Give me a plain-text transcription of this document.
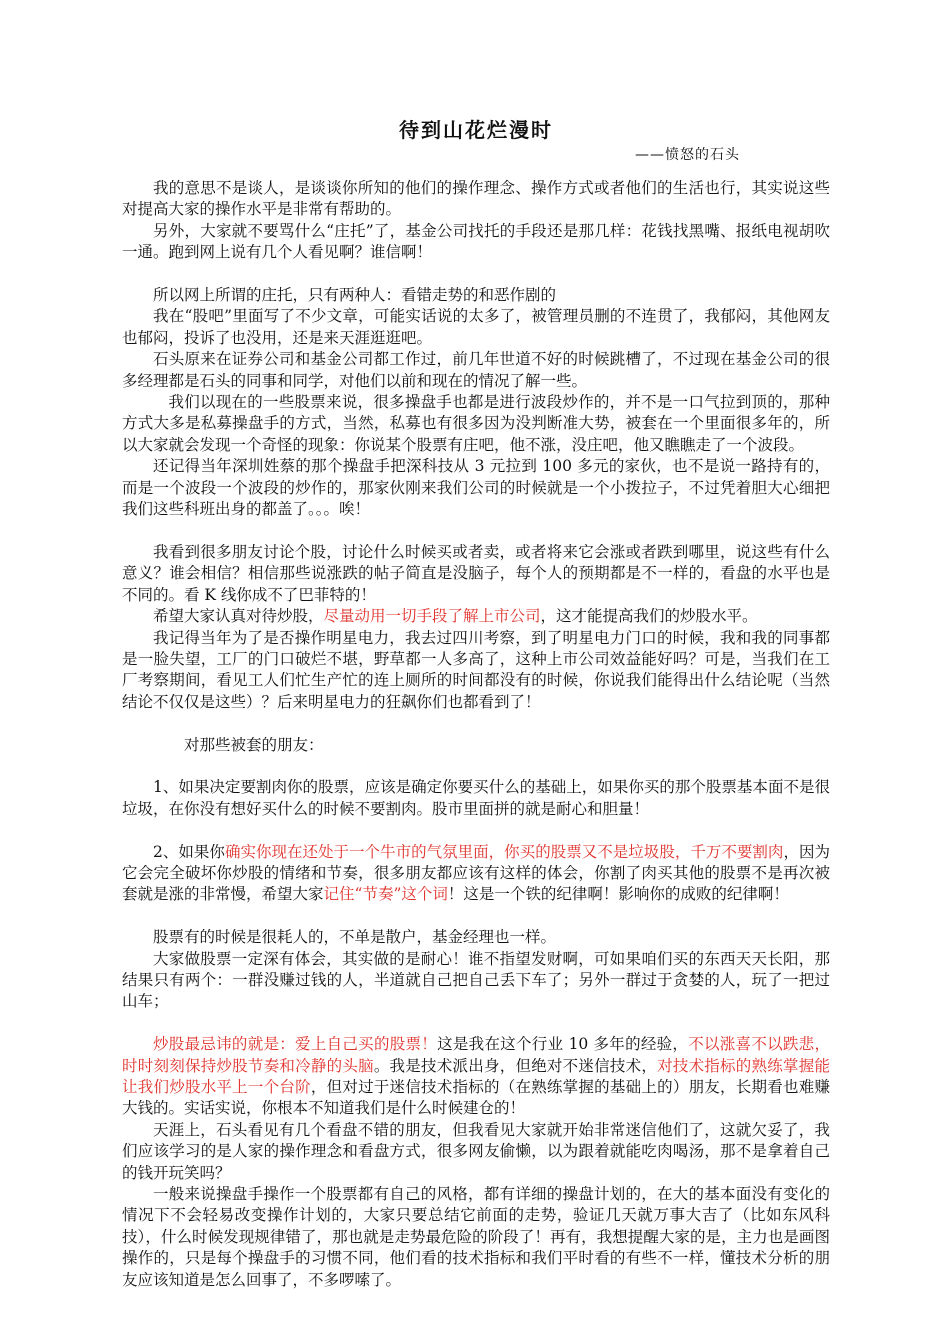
待到山花烂漫时
——愤怒的石头

我的意思不是谈人，是谈谈你所知的他们的操作理念、操作方式或者他们的生活也行，其实说这些对提高大家的操作水平是非常有帮助的。

另外，大家就不要骂什么“庄托”了，基金公司找托的手段还是那几样：花钱找黑嘴、报纸电视胡吹一通。跑到网上说有几个人看见啊？谁信啊！

所以网上所谓的庄托，只有两种人：看错走势的和恶作剧的

我在“股吧”里面写了不少文章，可能实话说的太多了，被管理员删的不连贯了，我郁闷，其他网友也郁闷，投诉了也没用，还是来天涯逛逛吧。

石头原来在证券公司和基金公司都工作过，前几年世道不好的时候跳槽了，不过现在基金公司的很多经理都是石头的同事和同学，对他们以前和现在的情况了解一些。

我们以现在的一些股票来说，很多操盘手也都是进行波段炒作的，并不是一口气拉到顶的，那种方式大多是私募操盘手的方式，当然，私募也有很多因为没判断准大势，被套在一个里面很多年的，所以大家就会发现一个奇怪的现象：你说某个股票有庄吧，他不涨，没庄吧，他又瞧瞧走了一个波段。

还记得当年深圳姓蔡的那个操盘手把深科技从 3 元拉到 100 多元的家伙，也不是说一路持有的，而是一个波段一个波段的炒作的，那家伙刚来我们公司的时候就是一个小拨拉子，不过凭着胆大心细把我们这些科班出身的都盖了。。。唉！

我看到很多朋友讨论个股，讨论什么时候买或者卖，或者将来它会涨或者跌到哪里，说这些有什么意义？谁会相信？相信那些说涨跌的帖子简直是没脑子，每个人的预期都是不一样的，看盘的水平也是不同的。看 K 线你成不了巴菲特的！

希望大家认真对待炒股，尽量动用一切手段了解上市公司，这才能提高我们的炒股水平。

我记得当年为了是否操作明星电力，我去过四川考察，到了明星电力门口的时候，我和我的同事都是一脸失望，工厂的门口破烂不堪，野草都一人多高了，这种上市公司效益能好吗？可是，当我们在工厂考察期间，看见工人们忙生产忙的连上厕所的时间都没有的时候，你说我们能得出什么结论呢（当然结论不仅仅是这些）？后来明星电力的狂飙你们也都看到了！

对那些被套的朋友：

1、如果决定要割肉你的股票，应该是确定你要买什么的基础上，如果你买的那个股票基本面不是很垃圾，在你没有想好买什么的时候不要割肉。股市里面拼的就是耐心和胆量！

2、如果你确实你现在还处于一个牛市的气氛里面，你买的股票又不是垃圾股，千万不要割肉，因为它会完全破坏你炒股的情绪和节奏，很多朋友都应该有这样的体会，你割了肉买其他的股票不是再次被套就是涨的非常慢，希望大家记住“节奏”这个词！这是一个铁的纪律啊！影响你的成败的纪律啊！

股票有的时候是很耗人的，不单是散户，基金经理也一样。

大家做股票一定深有体会，其实做的是耐心！谁不指望发财啊，可如果咱们买的东西天天长阳，那结果只有两个：一群没赚过钱的人，半道就自己把自己丢下车了；另外一群过于贪婪的人，玩了一把过山车；

炒股最忌讳的就是：爱上自己买的股票！这是我在这个行业 10 多年的经验，不以涨喜不以跌悲，时时刻刻保持炒股节奏和冷静的头脑。我是技术派出身，但绝对不迷信技术，对技术指标的熟练掌握能让我们炒股水平上一个台阶，但对过于迷信技术指标的（在熟练掌握的基础上的）朋友，长期看也难赚大钱的。实话实说，你根本不知道我们是什么时候建仓的！

天涯上，石头看见有几个看盘不错的朋友，但我看见大家就开始非常迷信他们了，这就欠妥了，我们应该学习的是人家的操作理念和看盘方式，很多网友偷懒，以为跟着就能吃肉喝汤，那不是拿着自己的钱开玩笑吗？

一般来说操盘手操作一个股票都有自己的风格，都有详细的操盘计划的，在大的基本面没有变化的情况下不会轻易改变操作计划的，大家只要总结它前面的走势，验证几天就万事大吉了（比如东风科技），什么时候发现规律错了，那也就是走势最危险的阶段了！再有，我想提醒大家的是，主力也是画图操作的，只是每个操盘手的习惯不同，他们看的技术指标和我们平时看的有些不一样，懂技术分析的朋友应该知道是怎么回事了，不多啰嗦了。
